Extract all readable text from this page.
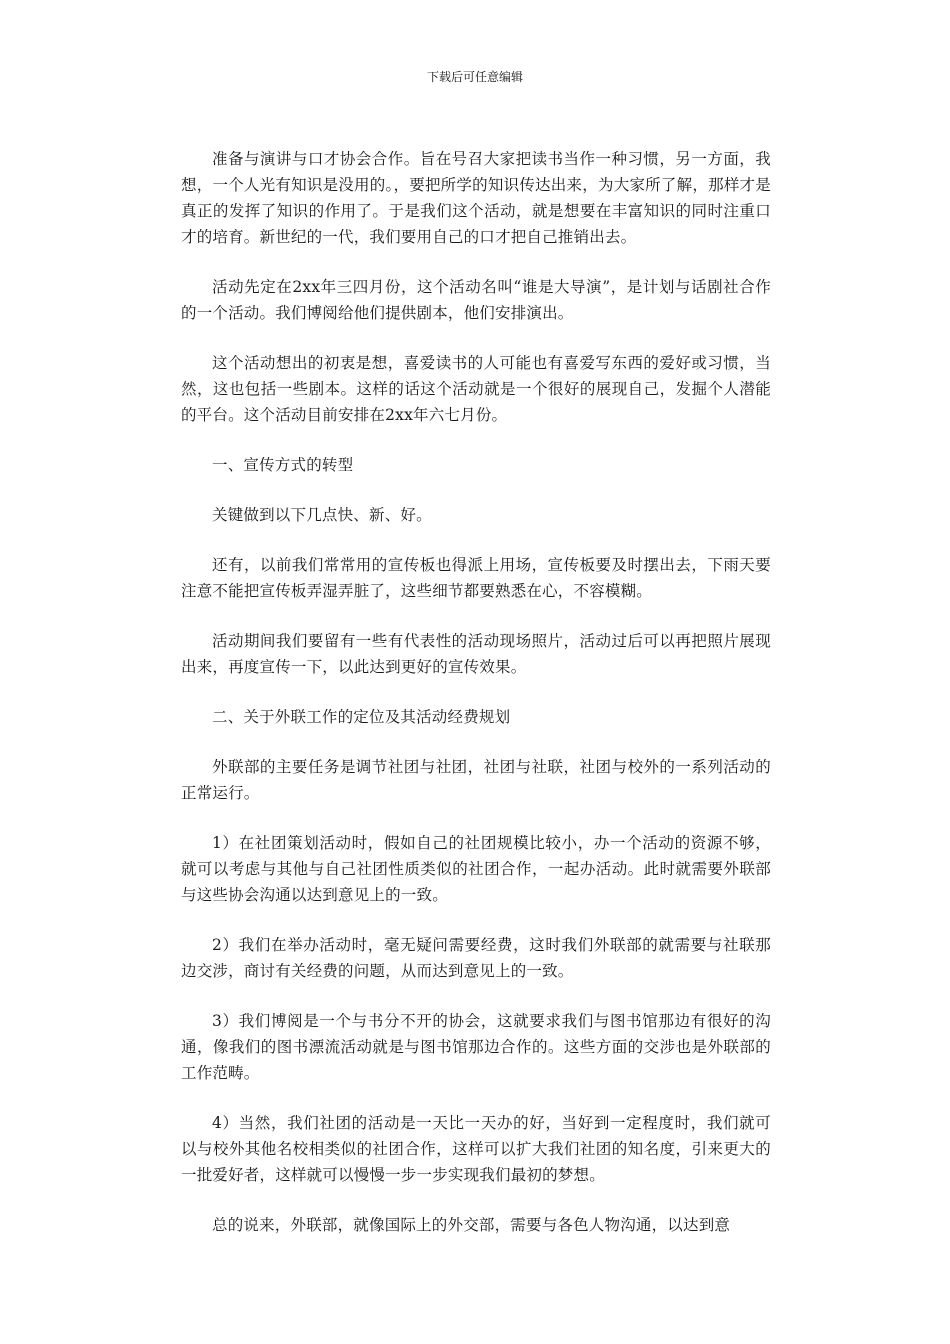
下载后可任意编辑

准备与演讲与口才协会合作。旨在号召大家把读书当作一种习惯，另一方面，我想，一个人光有知识是没用的。，要把所学的知识传达出来，为大家所了解，那样才是真正的发挥了知识的作用了。于是我们这个活动，就是想要在丰富知识的同时注重口才的培育。新世纪的一代，我们要用自己的口才把自己推销出去。

活动先定在2xx年三四月份，这个活动名叫“谁是大导演”，是计划与话剧社合作的一个活动。我们博阅给他们提供剧本，他们安排演出。

这个活动想出的初衷是想，喜爱读书的人可能也有喜爱写东西的爱好或习惯，当然，这也包括一些剧本。这样的话这个活动就是一个很好的展现自己，发掘个人潜能的平台。这个活动目前安排在2xx年六七月份。

一、宣传方式的转型

关键做到以下几点快、新、好。

还有，以前我们常常用的宣传板也得派上用场，宣传板要及时摆出去，下雨天要注意不能把宣传板弄湿弄脏了，这些细节都要熟悉在心，不容模糊。

活动期间我们要留有一些有代表性的活动现场照片，活动过后可以再把照片展现出来，再度宣传一下，以此达到更好的宣传效果。

二、关于外联工作的定位及其活动经费规划

外联部的主要任务是调节社团与社团，社团与社联，社团与校外的一系列活动的正常运行。

1）在社团策划活动时，假如自己的社团规模比较小，办一个活动的资源不够，就可以考虑与其他与自己社团性质类似的社团合作，一起办活动。此时就需要外联部与这些协会沟通以达到意见上的一致。

2）我们在举办活动时，毫无疑问需要经费，这时我们外联部的就需要与社联那边交涉，商讨有关经费的问题，从而达到意见上的一致。

3）我们博阅是一个与书分不开的协会，这就要求我们与图书馆那边有很好的沟通，像我们的图书漂流活动就是与图书馆那边合作的。这些方面的交涉也是外联部的工作范畴。

4）当然，我们社团的活动是一天比一天办的好，当好到一定程度时，我们就可以与校外其他名校相类似的社团合作，这样可以扩大我们社团的知名度，引来更大的一批爱好者，这样就可以慢慢一步一步实现我们最初的梦想。

总的说来，外联部，就像国际上的外交部，需要与各色人物沟通，以达到意
